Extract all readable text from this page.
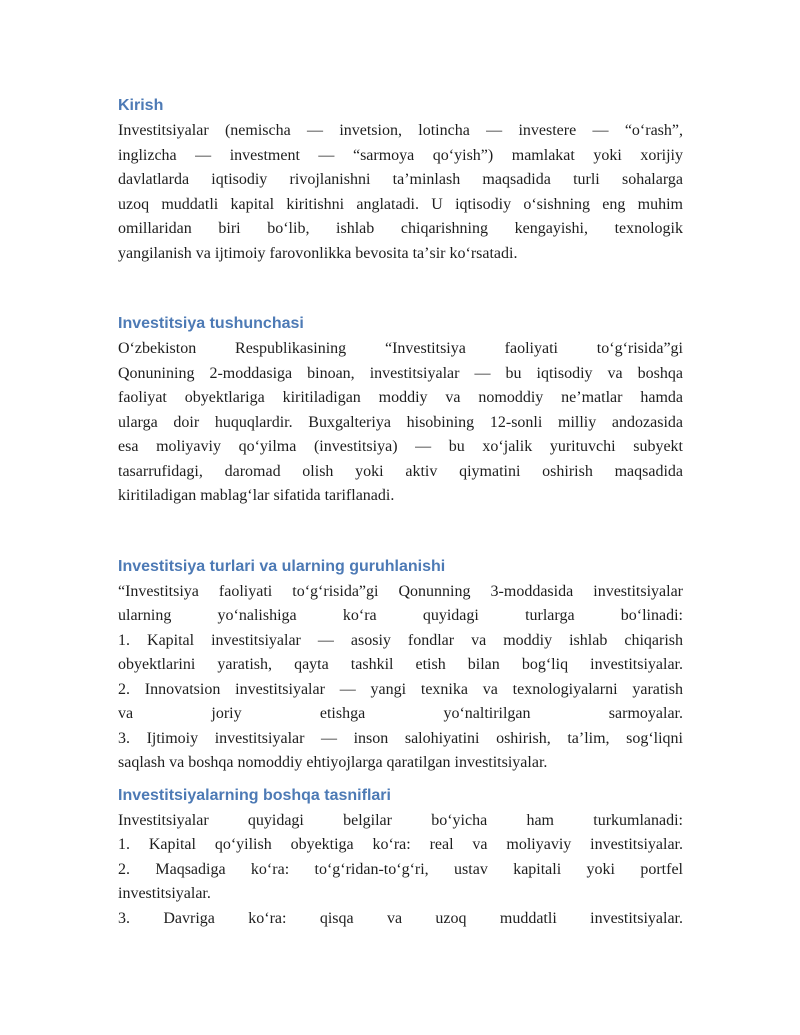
Kirish
Investitsiyalar (nemischa — invetsion, lotincha — investere — “oʻrash”,
inglizcha — investment — “sarmoya qoʻyish”) mamlakat yoki xorijiy
davlatlarda iqtisodiy rivojlanishni taʼminlash maqsadida turli sohalarga
uzoq muddatli kapital kiritishni anglatadi. U iqtisodiy oʻsishning eng muhim
omillaridan biri boʻlib, ishlab chiqarishning kengayishi, texnologik
yangilanish va ijtimoiy farovonlikka bevosita taʼsir koʻrsatadi.
Investitsiya tushunchasi
Oʻzbekiston Respublikasining “Investitsiya faoliyati toʻgʻrisida”gi
Qonunining 2-moddasiga binoan, investitsiyalar — bu iqtisodiy va boshqa
faoliyat obyektlariga kiritiladigan moddiy va nomoddiy neʼmatlar hamda
ularga doir huquqlardir. Buxgalteriya hisobining 12-sonli milliy andozasida
esa moliyaviy qoʻyilma (investitsiya) — bu xoʻjalik yurituvchi subyekt
tasarrufidagi, daromad olish yoki aktiv qiymatini oshirish maqsadida
kiritiladigan mablagʻlar sifatida tariflanadi.
Investitsiya turlari va ularning guruhlanishi
“Investitsiya faoliyati toʻgʻrisida”gi Qonunning 3-moddasida investitsiyalar
ularning yoʻnalishiga koʻra quyidagi turlarga boʻlinadi:
1. Kapital investitsiyalar — asosiy fondlar va moddiy ishlab chiqarish
obyektlarini yaratish, qayta tashkil etish bilan bogʻliq investitsiyalar.
2. Innovatsion investitsiyalar — yangi texnika va texnologiyalarni yaratish
va joriy etishga yoʻnaltirilgan sarmoyalar.
3. Ijtimoiy investitsiyalar — inson salohiyatini oshirish, taʼlim, sogʻliqni
saqlash va boshqa nomoddiy ehtiyojlarga qaratilgan investitsiyalar.
Investitsiyalarning boshqa tasniflari
Investitsiyalar quyidagi belgilar boʻyicha ham turkumlanadi:
1. Kapital qoʻyilish obyektiga koʻra: real va moliyaviy investitsiyalar.
2. Maqsadiga koʻra: toʻgʻridan-toʻgʻri, ustav kapitali yoki portfel
investitsiyalar.
3. Davriga koʻra: qisqa va uzoq muddatli investitsiyalar.
